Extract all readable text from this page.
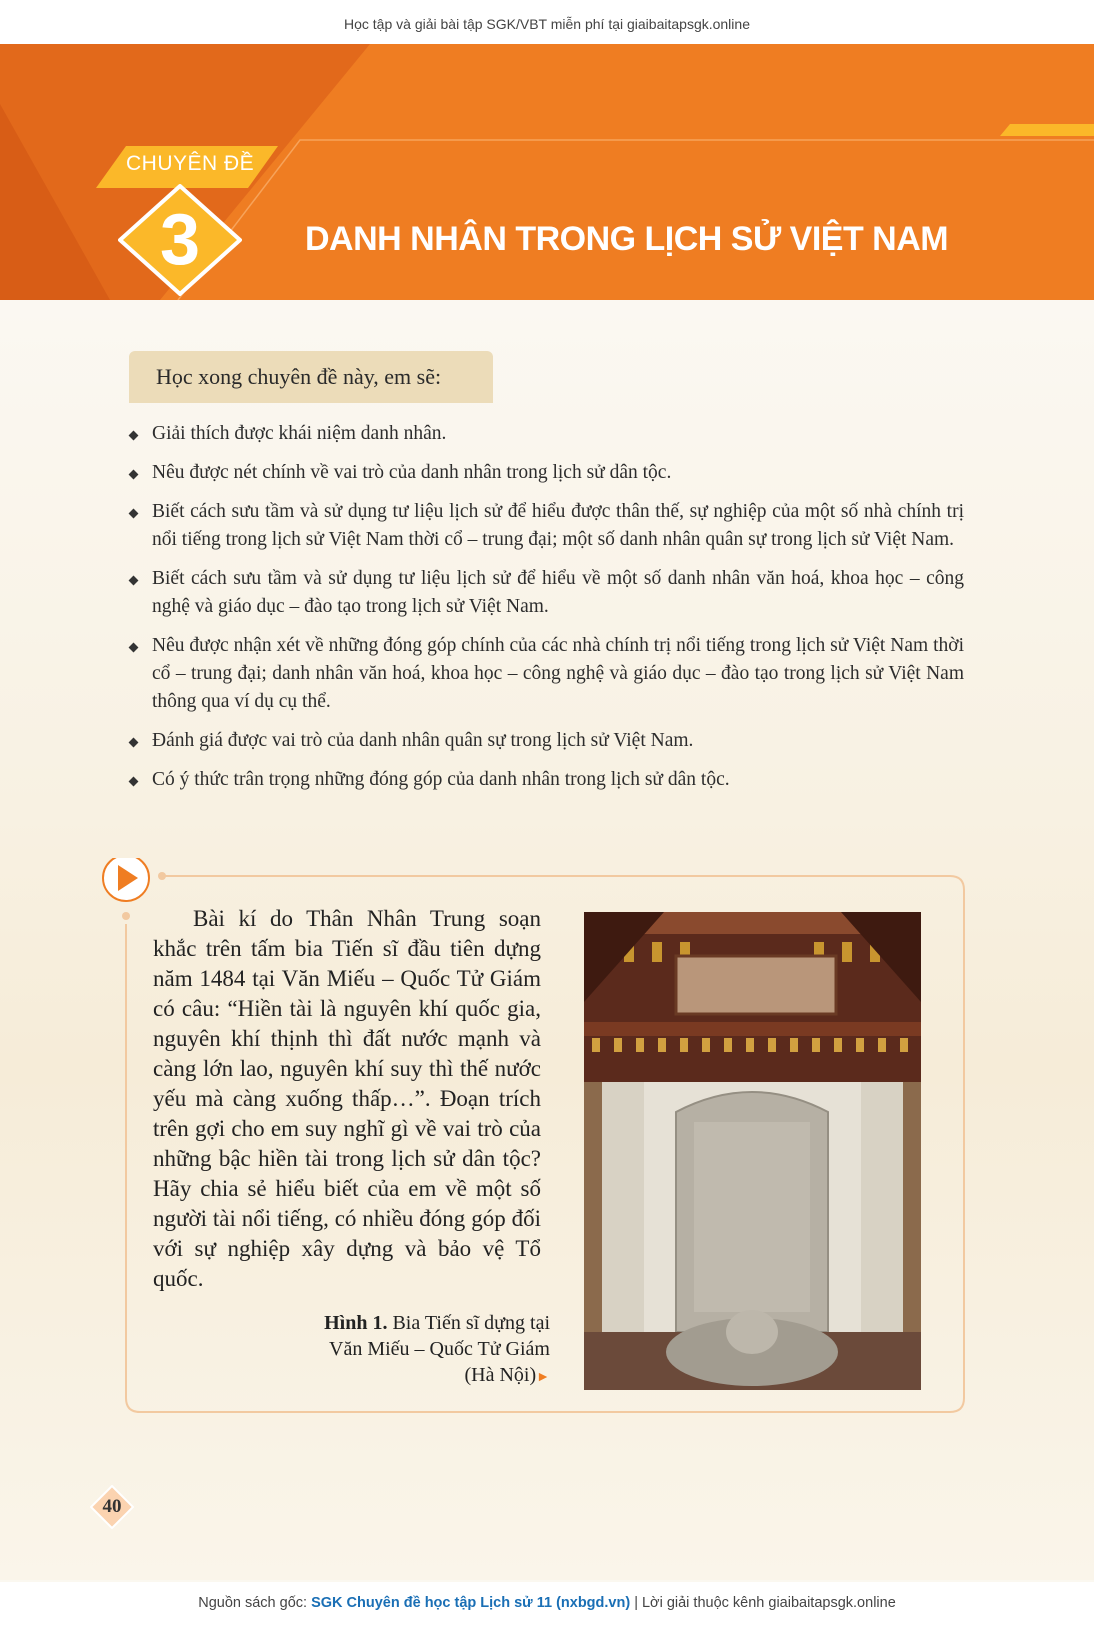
Học tập và giải bài tập SGK/VBT miễn phí tại giaibaitapsgk.online
CHUYÊN ĐỀ
3	DANH NHÂN TRONG LỊCH SỬ VIỆT NAM
Học xong chuyên đề này, em sẽ:
Giải thích được khái niệm danh nhân.
Nêu được nét chính về vai trò của danh nhân trong lịch sử dân tộc.
Biết cách sưu tầm và sử dụng tư liệu lịch sử để hiểu được thân thế, sự nghiệp của một số nhà chính trị nổi tiếng trong lịch sử Việt Nam thời cổ – trung đại; một số danh nhân quân sự trong lịch sử Việt Nam.
Biết cách sưu tầm và sử dụng tư liệu lịch sử để hiểu về một số danh nhân văn hoá, khoa học – công nghệ và giáo dục – đào tạo trong lịch sử Việt Nam.
Nêu được nhận xét về những đóng góp chính của các nhà chính trị nổi tiếng trong lịch sử Việt Nam thời cổ – trung đại; danh nhân văn hoá, khoa học – công nghệ và giáo dục – đào tạo trong lịch sử Việt Nam thông qua ví dụ cụ thể.
Đánh giá được vai trò của danh nhân quân sự trong lịch sử Việt Nam.
Có ý thức trân trọng những đóng góp của danh nhân trong lịch sử dân tộc.
Bài kí do Thân Nhân Trung soạn khắc trên tấm bia Tiến sĩ đầu tiên dựng năm 1484 tại Văn Miếu – Quốc Tử Giám có câu: “Hiền tài là nguyên khí quốc gia, nguyên khí thịnh thì đất nước mạnh và càng lớn lao, nguyên khí suy thì thế nước yếu mà càng xuống thấp…”. Đoạn trích trên gợi cho em suy nghĩ gì về vai trò của những bậc hiền tài trong lịch sử dân tộc? Hãy chia sẻ hiểu biết của em về một số người tài nổi tiếng, có nhiều đóng góp đối với sự nghiệp xây dựng và bảo vệ Tổ quốc.
Hình 1. Bia Tiến sĩ dựng tại
Văn Miếu – Quốc Tử Giám
(Hà Nội)►
40
Nguồn sách gốc: SGK Chuyên đề học tập Lịch sử 11 (nxbgd.vn) | Lời giải thuộc kênh giaibaitapsgk.online
